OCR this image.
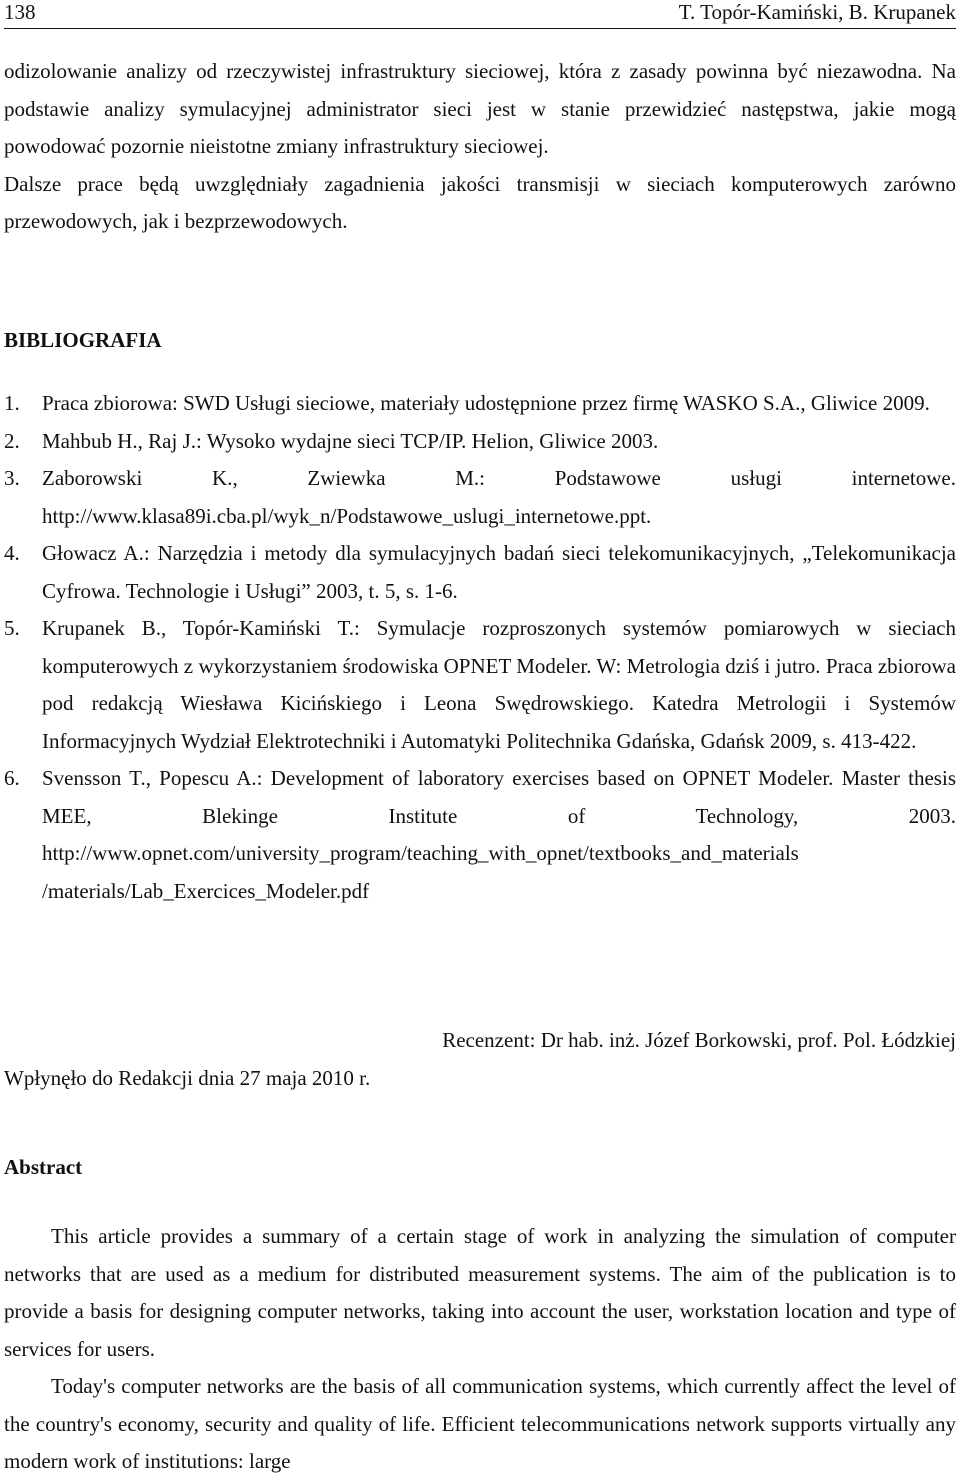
138	T. Topór-Kamiński, B. Krupanek

odizolowanie analizy od rzeczywistej infrastruktury sieciowej, która z zasady powinna być niezawodna. Na podstawie analizy symulacyjnej administrator sieci jest w stanie przewidzieć następstwa, jakie mogą powodować pozornie nieistotne zmiany infrastruktury sieciowej.

Dalsze prace będą uwzględniały zagadnienia jakości transmisji w sieciach komputerowych zarówno przewodowych, jak i bezprzewodowych.

BIBLIOGRAFIA
1. Praca zbiorowa: SWD Usługi sieciowe, materiały udostępnione przez firmę WASKO S.A., Gliwice 2009.
2. Mahbub H., Raj J.: Wysoko wydajne sieci TCP/IP. Helion, Gliwice 2003.
3. Zaborowski K., Zwiewka M.: Podstawowe usługi internetowe. http://www.klasa89i.cba.pl/wyk_n/Podstawowe_uslugi_internetowe.ppt.
4. Głowacz A.: Narzędzia i metody dla symulacyjnych badań sieci telekomunikacyjnych, „Telekomunikacja Cyfrowa. Technologie i Usługi” 2003, t. 5, s. 1-6.
5. Krupanek B., Topór-Kamiński T.: Symulacje rozproszonych systemów pomiarowych w sieciach komputerowych z wykorzystaniem środowiska OPNET Modeler. W: Metrologia dziś i jutro. Praca zbiorowa pod redakcją Wiesława Kicińskiego i Leona Swędrowskiego. Katedra Metrologii i Systemów Informacyjnych Wydział Elektrotechniki i Automatyki Politechnika Gdańska, Gdańsk 2009, s. 413-422.
6. Svensson T., Popescu A.: Development of laboratory exercises based on OPNET Modeler. Master thesis MEE, Blekinge Institute of Technology, 2003. http://www.opnet.com/university_program/teaching_with_opnet/textbooks_and_materials /materials/Lab_Exercices_Modeler.pdf
Recenzent: Dr hab. inż. Józef Borkowski, prof. Pol. Łódzkiej
Wpłynęło do Redakcji dnia 27 maja 2010 r.
Abstract

This article provides a summary of a certain stage of work in analyzing the simulation of computer networks that are used as a medium for distributed measurement systems. The aim of the publication is to provide a basis for designing computer networks, taking into account the user, workstation location and type of services for users.

Today's computer networks are the basis of all communication systems, which currently affect the level of the country's economy, security and quality of life. Efficient telecommunications network supports virtually any modern work of institutions: large
